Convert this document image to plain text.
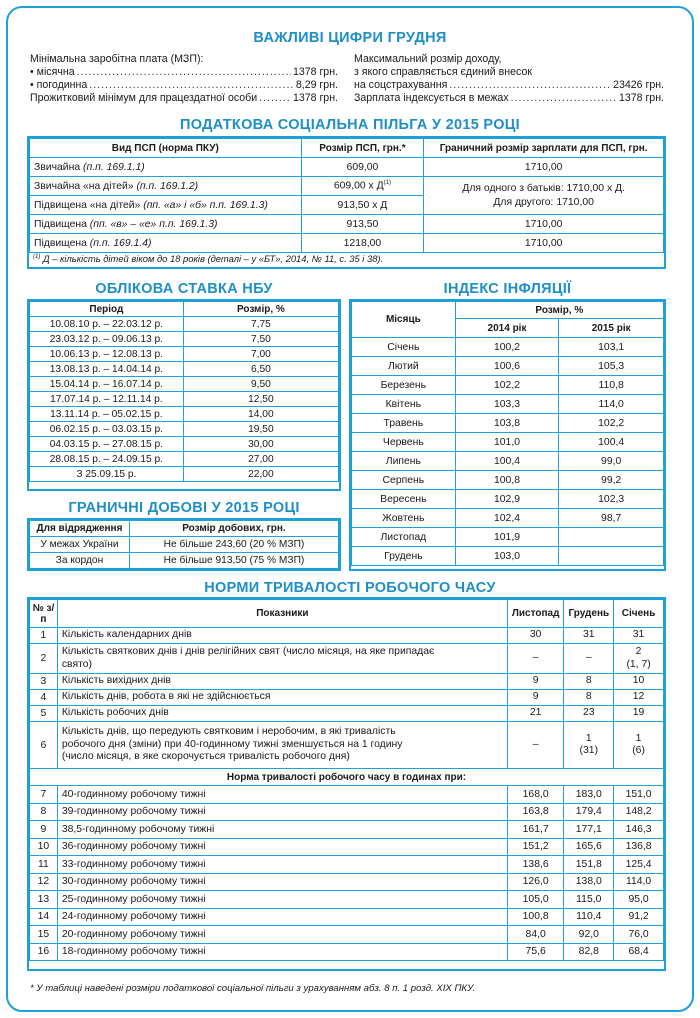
ВАЖЛИВІ ЦИФРИ ГРУДНЯ
Мінімальна заробітна плата (МЗП):
• місячна .....	1378 грн.
• погодинна .....	8,29 грн.
Прожитковий мінімум для працездатної особи .....	1378 грн.
Максимальний розмір доходу,
з якого справляється єдиний внесок
на соцстрахування .....	23426 грн.
Зарплата індексується в межах .....	1378 грн.
ПОДАТКОВА СОЦІАЛЬНА ПІЛЬГА У 2015 РОЦІ
Вид ПСП (норма ПКУ)	Розмір ПСП, грн.*	Граничний розмір зарплати для ПСП, грн.
Звичайна (п.п. 169.1.1)	609,00	1710,00
Звичайна «на дітей» (п.п. 169.1.2)	609,00 х $Д^{(1)}$	Для одного з батьків: 1710,00 х Д.
Для другого: 1710,00
Підвищена «на дітей» (пп. «а» і «б» п.п. 169.1.3)	913,50 х Д	
Підвищена (пп. «в» – «е» п.п. 169.1.3)	913,50	1710,00
Підвищена (п.п. 169.1.4)	1218,00	1710,00
$^{(1)}$ Д – кількість дітей віком до 18 років (деталі – у «БТ», 2014, № 11, с. 35 і 38).
ОБЛІКОВА СТАВКА НБУ
Період	Розмір, %
10.08.10 р. – 22.03.12 р.	7,75
23.03.12 р. – 09.06.13 р.	7,50
10.06.13 р. – 12.08.13 р.	7,00
13.08.13 р. – 14.04.14 р.	6,50
15.04.14 р. – 16.07.14 р.	9,50
17.07.14 р. – 12.11.14 р.	12,50
13.11.14 р. – 05.02.15 р.	14,00
06.02.15 р. – 03.03.15 р.	19,50
04.03.15 р. – 27.08.15 р.	30,00
28.08.15 р. – 24.09.15 р.	27,00
З 25.09.15 р.	22,00
ГРАНИЧНІ ДОБОВІ У 2015 РОЦІ
Для відрядження	Розмір добових, грн.
У межах України	Не більше 243,60 (20 % МЗП)
За кордон	Не більше 913,50 (75 % МЗП)
ІНДЕКС ІНФЛЯЦІЇ
Місяць	Розмір, %	
	2014 рік	2015 рік
Січень	100,2	103,1
Лютий	100,6	105,3
Березень	102,2	110,8
Квітень	103,3	114,0
Травень	103,8	102,2
Червень	101,0	100,4
Липень	100,4	99,0
Серпень	100,8	99,2
Вересень	102,9	102,3
Жовтень	102,4	98,7
Листопад	101,9	
Грудень	103,0	
НОРМИ ТРИВАЛОСТІ РОБОЧОГО ЧАСУ
№ з/п	Показники	Листопад	Грудень	Січень
1	Кількість календарних днів	30	31	31
2	Кількість святкових днів і днів релігійних свят (число місяця, на яке припадає
свято)	–	–	2
(1, 7)
3	Кількість вихідних днів	9	8	10
4	Кількість днів, робота в які не здійснюється	9	8	12
5	Кількість робочих днів	21	23	19
6	Кількість днів, що передують святковим і неробочим, в які тривалість
робочого дня (зміни) при 40-годинному тижні зменшується на 1 годину
(число місяця, в яке скорочується тривалість робочого дня)	–	1
(31)	1
(6)
Норма тривалості робочого часу в годинах при:				
7	40-годинному робочому тижні	168,0	183,0	151,0
8	39-годинному робочому тижні	163,8	179,4	148,2
9	38,5-годинному робочому тижні	161,7	177,1	146,3
10	36-годинному робочому тижні	151,2	165,6	136,8
11	33-годинному робочому тижні	138,6	151,8	125,4
12	30-годинному робочому тижні	126,0	138,0	114,0
13	25-годинному робочому тижні	105,0	115,0	95,0
14	24-годинному робочому тижні	100,8	110,4	91,2
15	20-годинному робочому тижні	84,0	92,0	76,0
16	18-годинному робочому тижні	75,6	82,8	68,4
* У таблиці наведені розміри податкової соціальної пільги з урахуванням абз. 8 п. 1 розд. XIX ПКУ.
